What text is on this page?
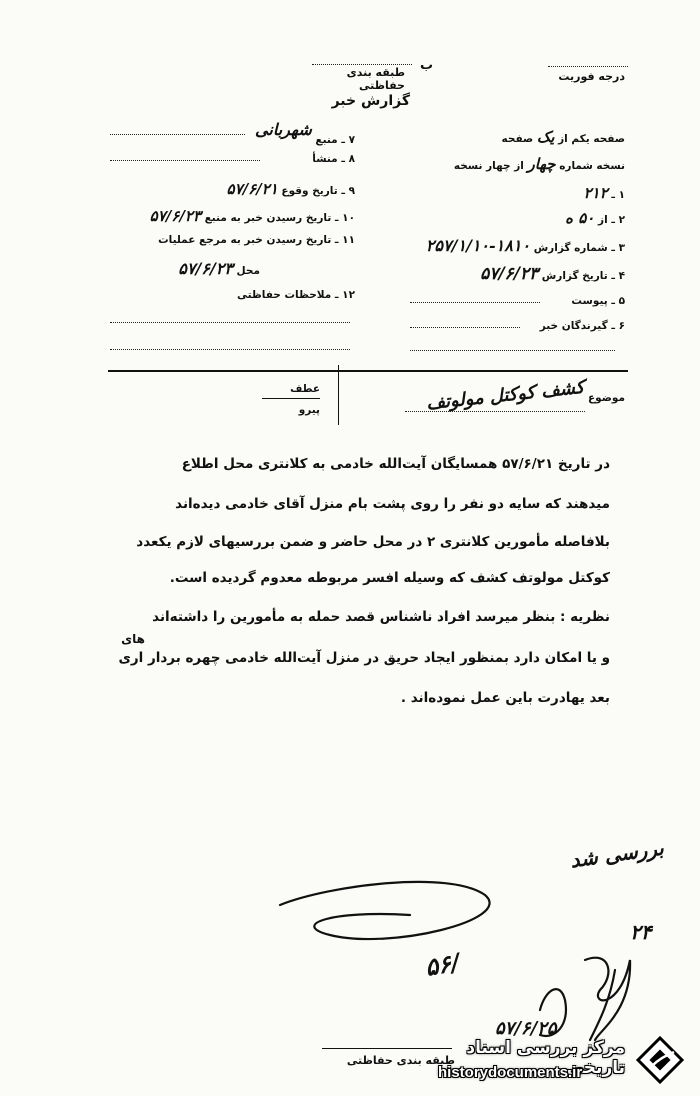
طبقه بندی حفاظتی
درجه فوریت
گزارش خبر
ب
صفحه یکم از یک صفحه
نسخه شماره چهار از چهار نسخه
۱ ـ ۲۱۲
۲ ـ از ۵۰ ه
۳ ـ شماره گزارش ۱۸۱۰-۲۵۷/۱/۱۰
۴ ـ تاریخ گزارش ۵۷/۶/۲۳
۵ ـ پیوست
۶ ـ گیرندگان خبر
۷ ـ منبع شهربانی
۸ ـ منشأ
۹ ـ تاریخ وقوع ۵۷/۶/۲۱
۱۰ ـ تاریخ رسیدن خبر به منبع ۵۷/۶/۲۳
۱۱ ـ تاریخ رسیدن خبر به مرجع عملیات
محل ۵۷/۶/۲۳
۱۲ ـ ملاحظات حفاظتی
موضوع کشف کوکتل مولوتف
عطف
پیرو
در تاریخ ۵۷/۶/۲۱ همسایگان آیت‌الله خادمی به کلانتری محل اطلاع
میدهند که سایه دو نفر را روی پشت بام منزل آقای خادمی دیده‌اند
بلافاصله مأمورین کلانتری ۲ در محل حاضر و ضمن بررسیهای لازم یکعدد
کوکتل مولوتف کشف که وسیله افسر مربوطه معدوم گردیده است.
نظریه : بنظر میرسد افراد ناشناس قصد حمله به مأمورین را داشته‌اند
های
و یا امکان دارد بمنظور ایجاد حریق در منزل آیت‌الله خادمی چهره بردار اری
بعد یهادرت باین عمل نموده‌اند .
بررسی شد
۲۴
۵۶/
۵۷/۶/۲۵
طبقه بندی حفاظتی
مرکز بررسی اسناد تاریخی
historydocuments.ir
